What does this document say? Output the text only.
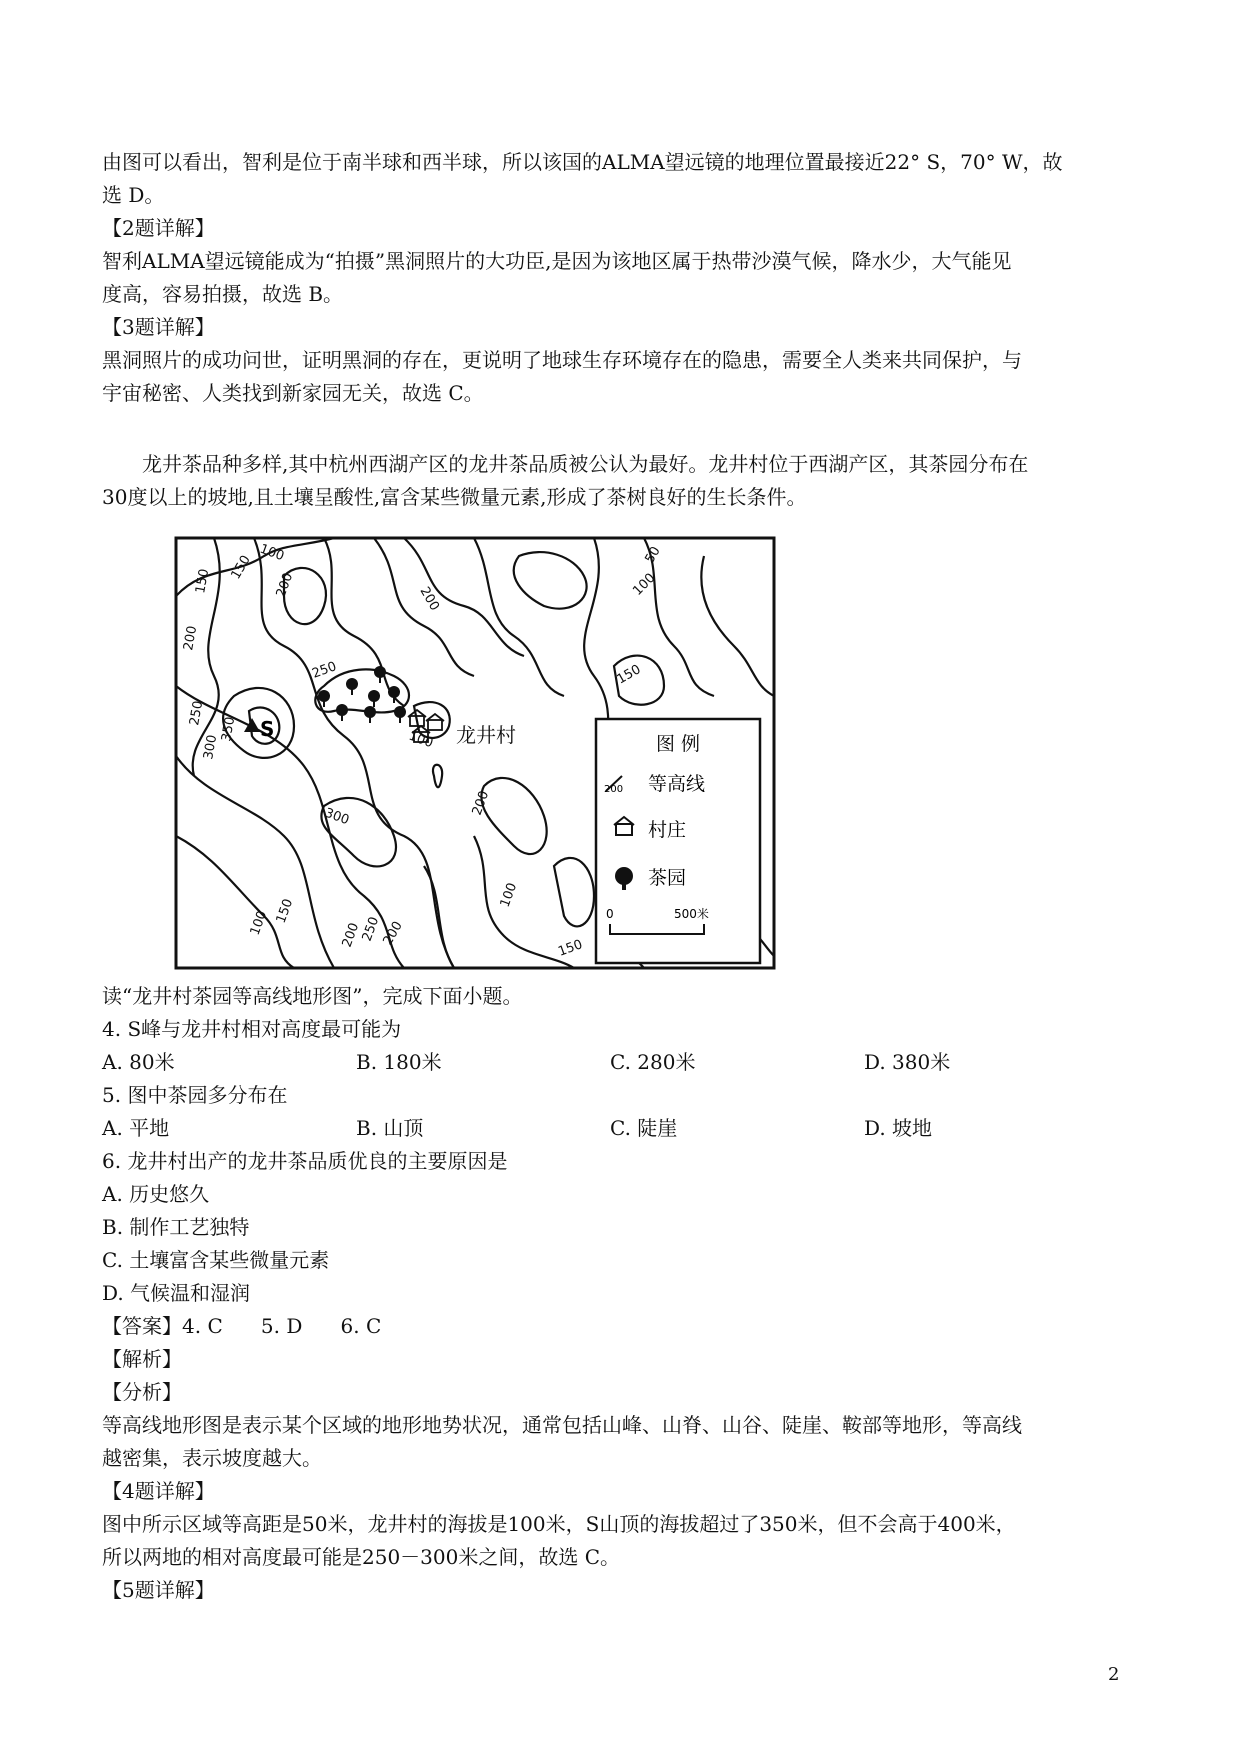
由图可以看出，智利是位于南半球和西半球，所以该国的ALMA望远镜的地理位置最接近22° S，70° W，故

选 D。

【2题详解】

智利ALMA望远镜能成为“拍摄”黑洞照片的大功臣,是因为该地区属于热带沙漠气候，降水少，大气能见

度高，容易拍摄，故选 B。

【3题详解】

黑洞照片的成功问世，证明黑洞的存在，更说明了地球生存环境存在的隐患，需要全人类来共同保护，与

宇宙秘密、人类找到新家园无关，故选 C。

龙井茶品种多样,其中杭州西湖产区的龙井茶品质被公认为最好。龙井村位于西湖产区，其茶园分布在

30度以上的坡地,且土壤呈酸性,富含某些微量元素,形成了茶树良好的生长条件。

100
150 150
200	200
200
50
100
250
250
300
350
300	200
100
150
100 150
200
250
150
100
200
S	龙井村	图 例
200 等高线
村庄
茶园
0	500米

读“龙井村茶园等高线地形图”，完成下面小题。

4. S峰与龙井村相对高度最可能为

A. 80米	B. 180米	C. 280米	D. 380米

5. 图中茶园多分布在

A. 平地	B. 山顶	C. 陡崖	D. 坡地

6. 龙井村出产的龙井茶品质优良的主要原因是

A. 历史悠久

B. 制作工艺独特

C. 土壤富含某些微量元素

D. 气候温和湿润

【答案】4. C      5. D      6. C

【解析】

【分析】

等高线地形图是表示某个区域的地形地势状况，通常包括山峰、山脊、山谷、陡崖、鞍部等地形，等高线

越密集，表示坡度越大。

【4题详解】

图中所示区域等高距是50米，龙井村的海拔是100米，S山顶的海拔超过了350米，但不会高于400米，

所以两地的相对高度最可能是250－300米之间，故选 C。

【5题详解】

2
